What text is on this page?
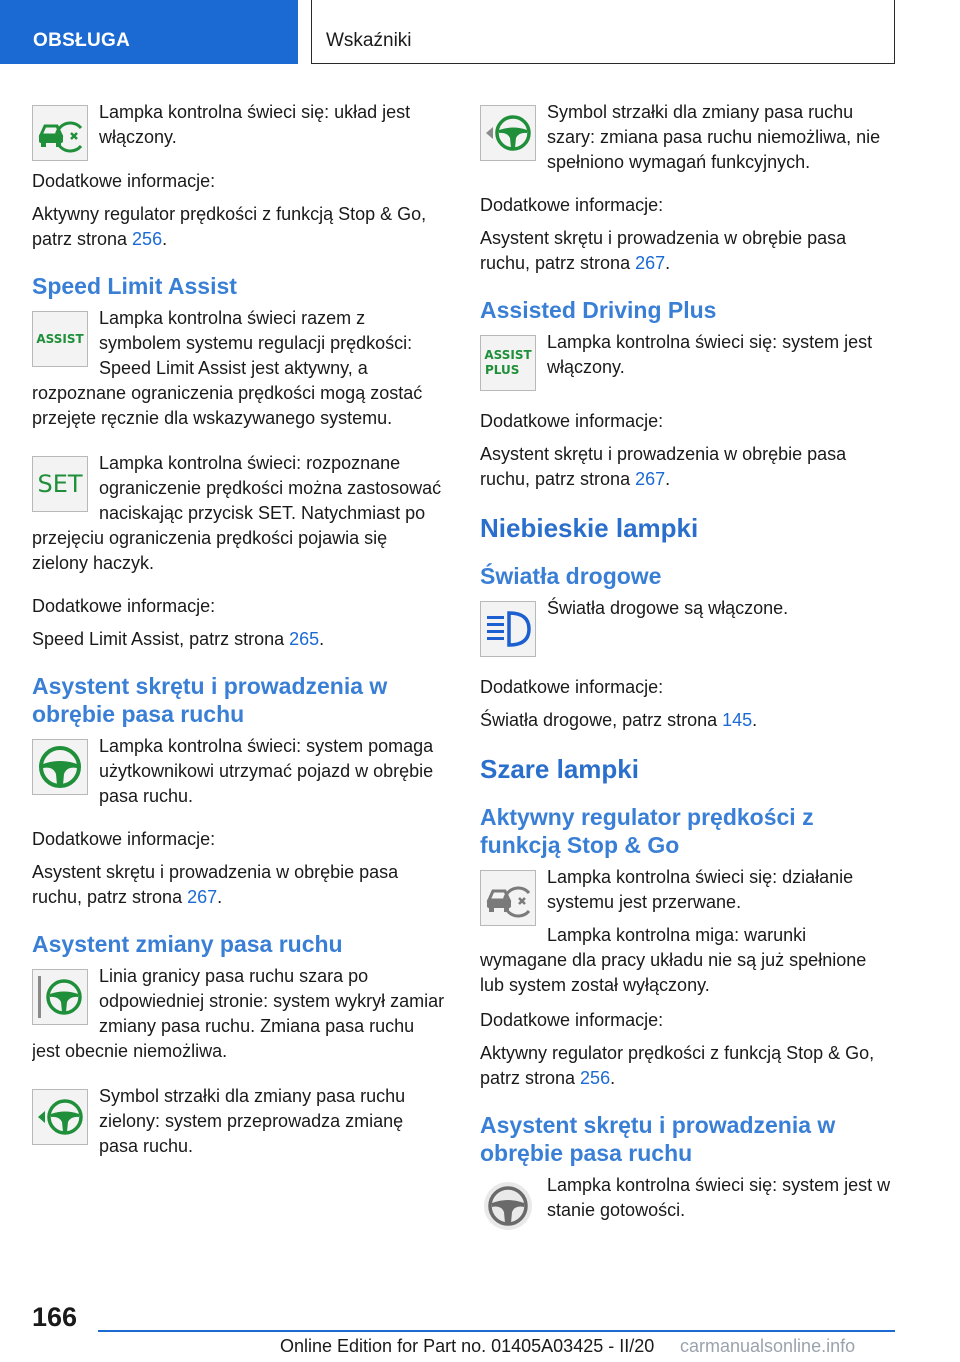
OBSŁUGA	Wskaźniki

Lampka kontrolna świeci się: układ jest włączony.

Dodatkowe informacje:

Aktywny regulator prędkości z funkcją Stop & Go, patrz strona 256.

Speed Limit Assist
ASSIST

Lampka kontrolna świeci razem z symbolem systemu regulacji prędkości: Speed Limit Assist jest aktywny, a rozpoznane ograniczenia prędkości mogą zostać przejęte ręcznie dla wskazywanego systemu.

SET

Lampka kontrolna świeci: rozpoznane ograniczenie prędkości można zastosować naciskając przycisk SET. Natychmiast po przejęciu ograniczenia prędkości pojawia się zielony haczyk.

Dodatkowe informacje:

Speed Limit Assist, patrz strona 265.

Asystent skrętu i prowadzenia w obrębie pasa ruchu

Lampka kontrolna świeci: system pomaga użytkownikowi utrzymać pojazd w obrębie pasa ruchu.

Dodatkowe informacje:

Asystent skrętu i prowadzenia w obrębie pasa ruchu, patrz strona 267.

Asystent zmiany pasa ruchu

Linia granicy pasa ruchu szara po odpowiedniej stronie: system wykrył zamiar zmiany pasa ruchu. Zmiana pasa ruchu jest obecnie niemożliwa.

Symbol strzałki dla zmiany pasa ruchu zielony: system przeprowadza zmianę pasa ruchu.

Symbol strzałki dla zmiany pasa ruchu szary: zmiana pasa ruchu niemożliwa, nie spełniono wymagań funkcyjnych.

Dodatkowe informacje:

Asystent skrętu i prowadzenia w obrębie pasa ruchu, patrz strona 267.

Assisted Driving Plus
ASSIST
PLUS

Lampka kontrolna świeci się: system jest włączony.

Dodatkowe informacje:

Asystent skrętu i prowadzenia w obrębie pasa ruchu, patrz strona 267.

Niebieskie lampki
Światła drogowe

Światła drogowe są włączone.

Dodatkowe informacje:

Światła drogowe, patrz strona 145.

Szare lampki
Aktywny regulator prędkości z funkcją Stop & Go

Lampka kontrolna świeci się: działanie systemu jest przerwane.

Lampka kontrolna miga: warunki wymagane dla pracy układu nie są już spełnione lub system został wyłączony.

Dodatkowe informacje:

Aktywny regulator prędkości z funkcją Stop & Go, patrz strona 256.

Asystent skrętu i prowadzenia w obrębie pasa ruchu

Lampka kontrolna świeci się: system jest w stanie gotowości.

166
Online Edition for Part no. 01405A03425 - II/20 carmanualsonline.info
